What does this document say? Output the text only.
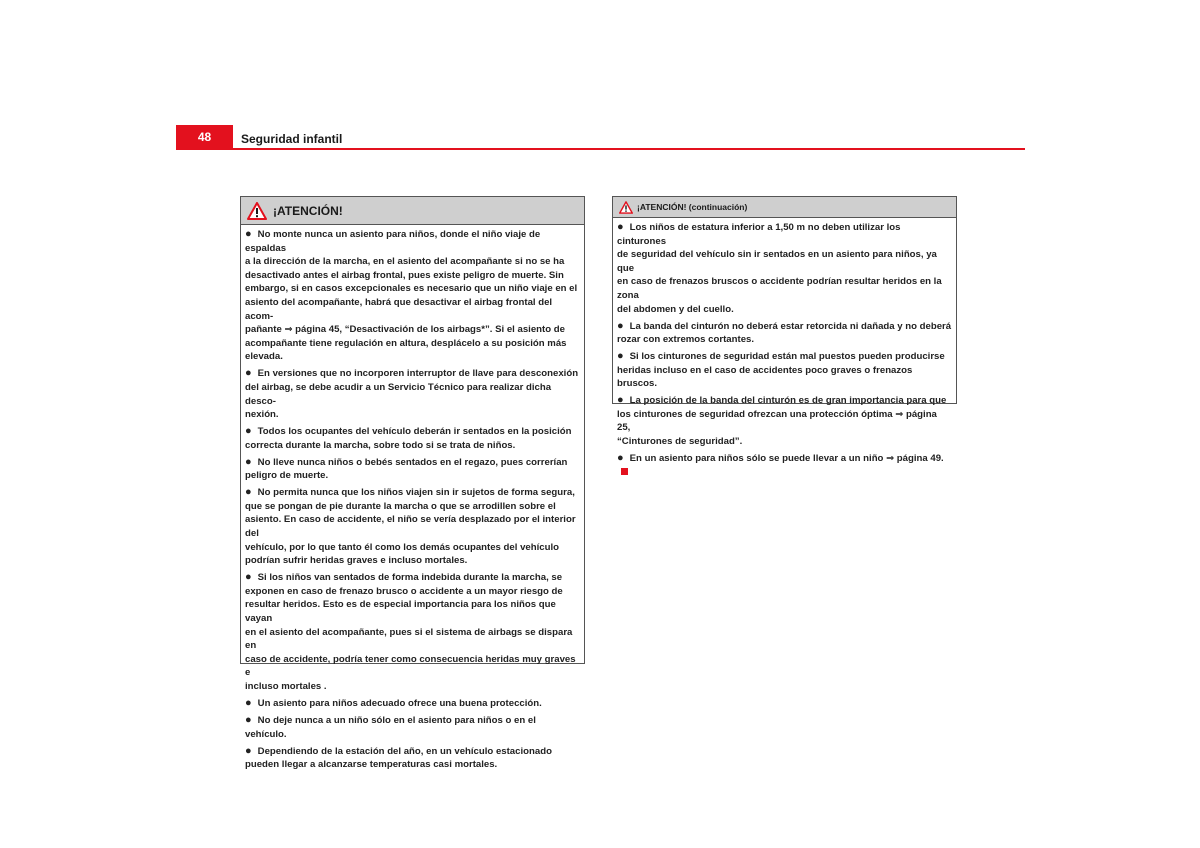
48	Seguridad infantil
¡ATENCIÓN!
● No monte nunca un asiento para niños, donde el niño viaje de espaldas
a la dirección de la marcha, en el asiento del acompañante si no se ha
desactivado antes el airbag frontal, pues existe peligro de muerte. Sin
embargo, si en casos excepcionales es necesario que un niño viaje en el
asiento del acompañante, habrá que desactivar el airbag frontal del acom-
pañante ⇒ página 45, “Desactivación de los airbags*”. Si el asiento de
acompañante tiene regulación en altura, desplácelo a su posición más
elevada.
● En versiones que no incorporen interruptor de llave para desconexión
del airbag, se debe acudir a un Servicio Técnico para realizar dicha desco-
nexión.
● Todos los ocupantes del vehículo deberán ir sentados en la posición
correcta durante la marcha, sobre todo si se trata de niños.
● No lleve nunca niños o bebés sentados en el regazo, pues correrían
peligro de muerte.
● No permita nunca que los niños viajen sin ir sujetos de forma segura,
que se pongan de pie durante la marcha o que se arrodillen sobre el
asiento. En caso de accidente, el niño se vería desplazado por el interior del
vehículo, por lo que tanto él como los demás ocupantes del vehículo
podrían sufrir heridas graves e incluso mortales.
● Si los niños van sentados de forma indebida durante la marcha, se
exponen en caso de frenazo brusco o accidente a un mayor riesgo de
resultar heridos. Esto es de especial importancia para los niños que vayan
en el asiento del acompañante, pues si el sistema de airbags se dispara en
caso de accidente, podría tener como consecuencia heridas muy graves e
incluso mortales .
● Un asiento para niños adecuado ofrece una buena protección.
● No deje nunca a un niño sólo en el asiento para niños o en el vehículo.
● Dependiendo de la estación del año, en un vehículo estacionado
pueden llegar a alcanzarse temperaturas casi mortales.
¡ATENCIÓN! (continuación)
● Los niños de estatura inferior a 1,50 m no deben utilizar los cinturones
de seguridad del vehículo sin ir sentados en un asiento para niños, ya que
en caso de frenazos bruscos o accidente podrían resultar heridos en la zona
del abdomen y del cuello.
● La banda del cinturón no deberá estar retorcida ni dañada y no deberá
rozar con extremos cortantes.
● Si los cinturones de seguridad están mal puestos pueden producirse
heridas incluso en el caso de accidentes poco graves o frenazos bruscos.
● La posición de la banda del cinturón es de gran importancia para que
los cinturones de seguridad ofrezcan una protección óptima ⇒ página 25,
“Cinturones de seguridad”.
● En un asiento para niños sólo se puede llevar a un niño ⇒ página 49.
